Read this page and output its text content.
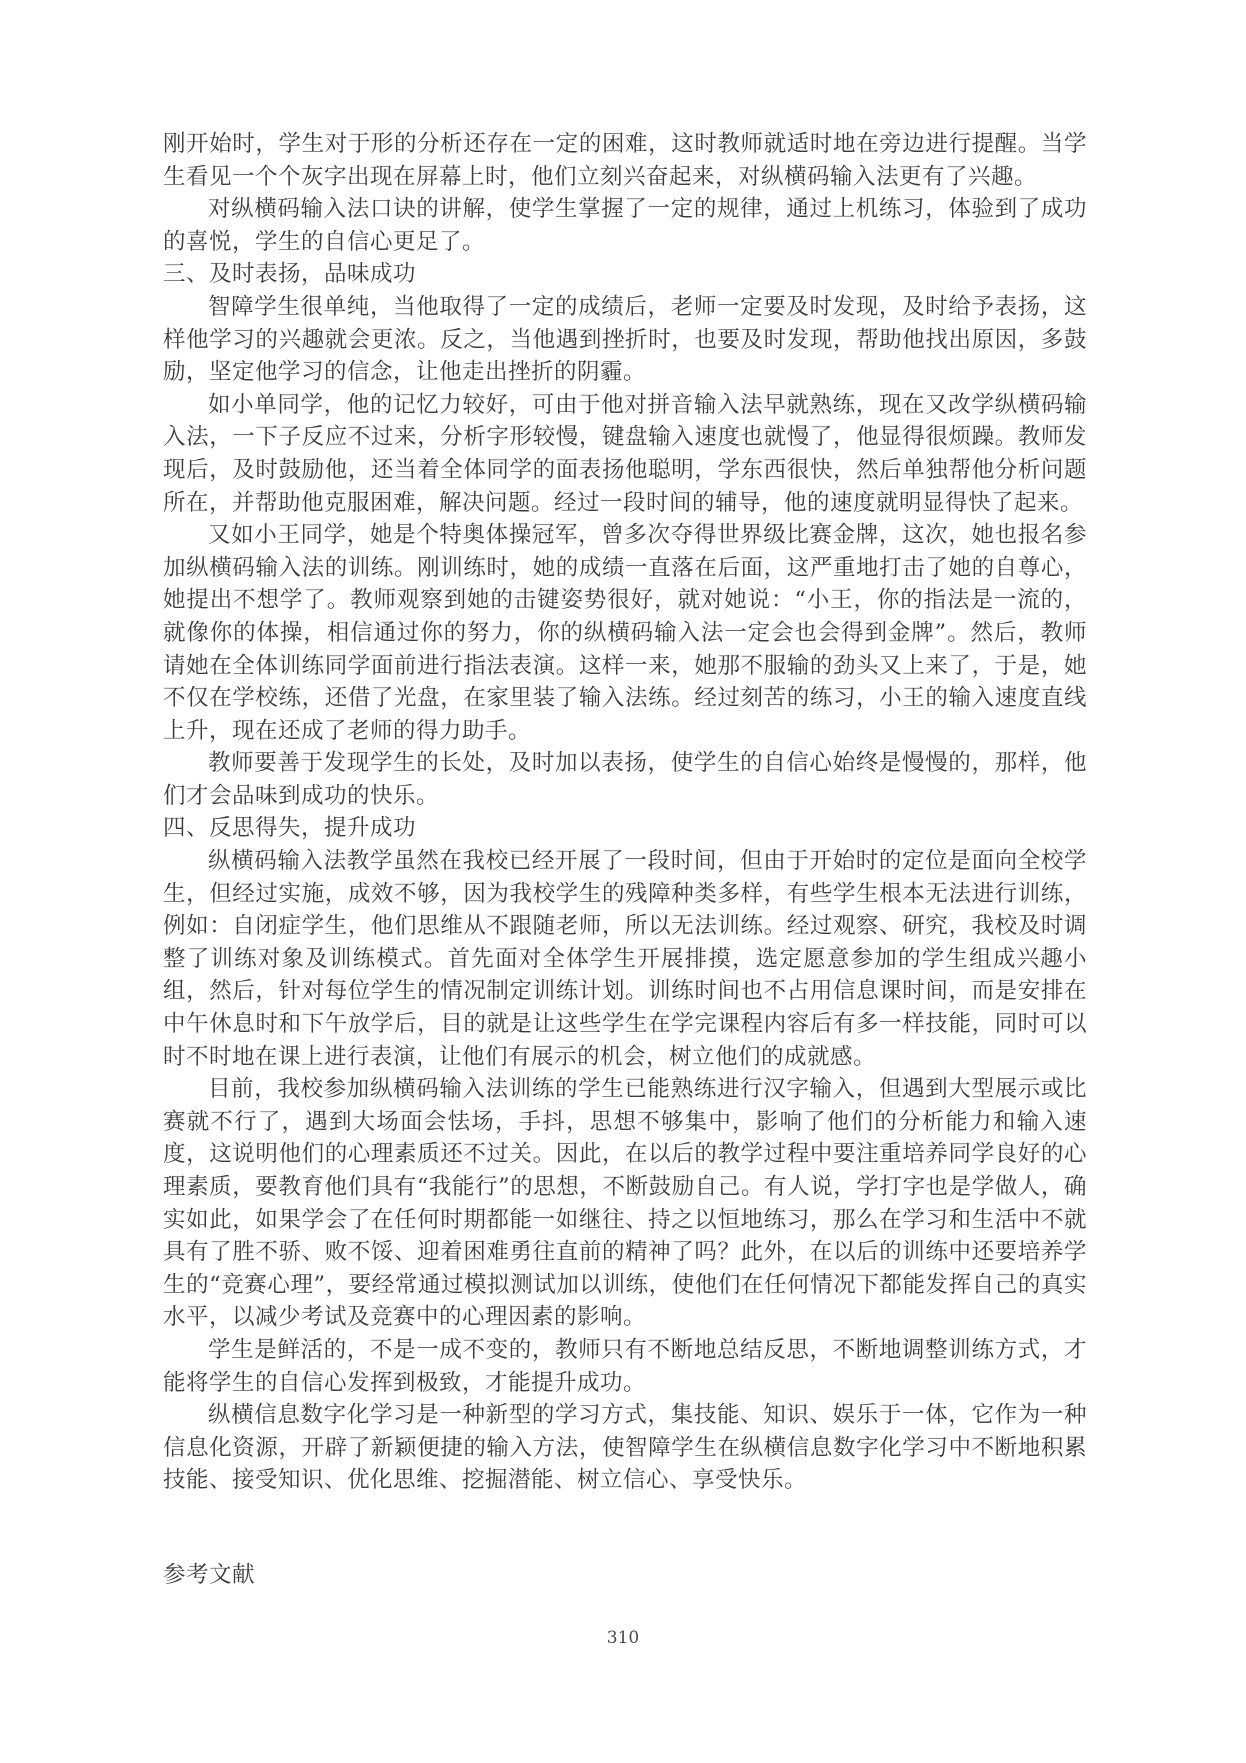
刚开始时，学生对于形的分析还存在一定的困难，这时教师就适时地在旁边进行提醒。当学生看见一个个灰字出现在屏幕上时，他们立刻兴奋起来，对纵横码输入法更有了兴趣。

对纵横码输入法口诀的讲解，使学生掌握了一定的规律，通过上机练习，体验到了成功的喜悦，学生的自信心更足了。

三、及时表扬，品味成功

智障学生很单纯，当他取得了一定的成绩后，老师一定要及时发现，及时给予表扬，这样他学习的兴趣就会更浓。反之，当他遇到挫折时，也要及时发现，帮助他找出原因，多鼓励，坚定他学习的信念，让他走出挫折的阴霾。

如小单同学，他的记忆力较好，可由于他对拼音输入法早就熟练，现在又改学纵横码输入法，一下子反应不过来，分析字形较慢，键盘输入速度也就慢了，他显得很烦躁。教师发现后，及时鼓励他，还当着全体同学的面表扬他聪明，学东西很快，然后单独帮他分析问题所在，并帮助他克服困难，解决问题。经过一段时间的辅导，他的速度就明显得快了起来。

又如小王同学，她是个特奥体操冠军，曾多次夺得世界级比赛金牌，这次，她也报名参加纵横码输入法的训练。刚训练时，她的成绩一直落在后面，这严重地打击了她的自尊心，她提出不想学了。教师观察到她的击键姿势很好，就对她说：“小王，你的指法是一流的，就像你的体操，相信通过你的努力，你的纵横码输入法一定会也会得到金牌”。然后，教师请她在全体训练同学面前进行指法表演。这样一来，她那不服输的劲头又上来了，于是，她不仅在学校练，还借了光盘，在家里装了输入法练。经过刻苦的练习，小王的输入速度直线上升，现在还成了老师的得力助手。

教师要善于发现学生的长处，及时加以表扬，使学生的自信心始终是慢慢的，那样，他们才会品味到成功的快乐。

四、反思得失，提升成功

纵横码输入法教学虽然在我校已经开展了一段时间，但由于开始时的定位是面向全校学生，但经过实施，成效不够，因为我校学生的残障种类多样，有些学生根本无法进行训练，例如：自闭症学生，他们思维从不跟随老师，所以无法训练。经过观察、研究，我校及时调整了训练对象及训练模式。首先面对全体学生开展排摸，选定愿意参加的学生组成兴趣小组，然后，针对每位学生的情况制定训练计划。训练时间也不占用信息课时间，而是安排在中午休息时和下午放学后，目的就是让这些学生在学完课程内容后有多一样技能，同时可以时不时地在课上进行表演，让他们有展示的机会，树立他们的成就感。

目前，我校参加纵横码输入法训练的学生已能熟练进行汉字输入，但遇到大型展示或比赛就不行了，遇到大场面会怯场，手抖，思想不够集中，影响了他们的分析能力和输入速度，这说明他们的心理素质还不过关。因此，在以后的教学过程中要注重培养同学良好的心理素质，要教育他们具有“我能行”的思想，不断鼓励自己。有人说，学打字也是学做人，确实如此，如果学会了在任何时期都能一如继往、持之以恒地练习，那么在学习和生活中不就具有了胜不骄、败不馁、迎着困难勇往直前的精神了吗？此外，在以后的训练中还要培养学生的“竞赛心理”，要经常通过模拟测试加以训练，使他们在任何情况下都能发挥自己的真实水平，以减少考试及竞赛中的心理因素的影响。

学生是鲜活的，不是一成不变的，教师只有不断地总结反思，不断地调整训练方式，才能将学生的自信心发挥到极致，才能提升成功。

纵横信息数字化学习是一种新型的学习方式，集技能、知识、娱乐于一体，它作为一种信息化资源，开辟了新颖便捷的输入方法，使智障学生在纵横信息数字化学习中不断地积累技能、接受知识、优化思维、挖掘潜能、树立信心、享受快乐。

参考文献

310
